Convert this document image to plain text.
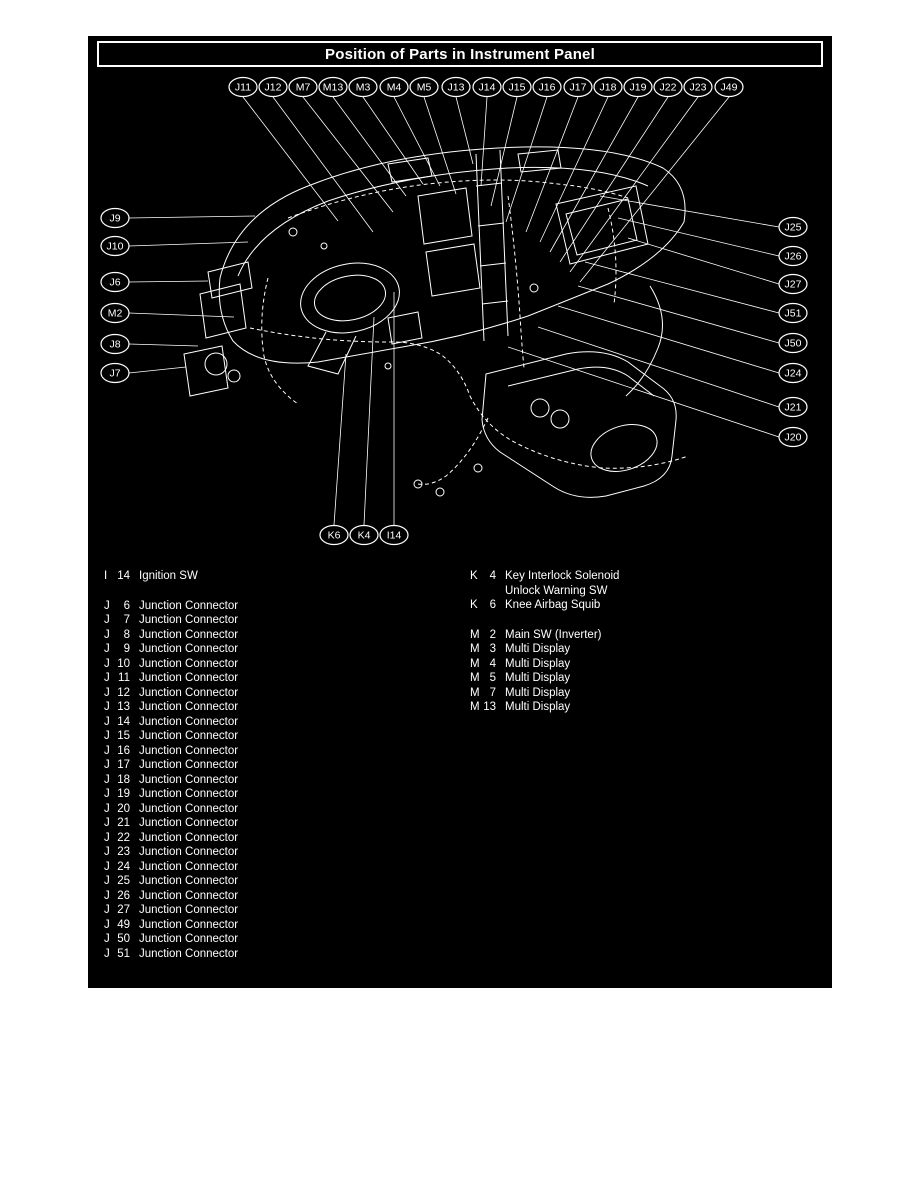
J11 J12 M7 M13 M3 M4 M5 J13 J14 J15 J16 J17 J18 J19 J22 J23 J49
J9
J10
J6
M2
J8
J7
J25
J26
J27
J51
J50
J24
J21
J20
K6 K4 I14
Position of Parts in Instrument Panel
I 14 Ignition SW
J 6 Junction Connector
J 7 Junction Connector
J 8 Junction Connector
J 9 Junction Connector
J 10 Junction Connector
J 11 Junction Connector
J 12 Junction Connector
J 13 Junction Connector
J 14 Junction Connector
J 15 Junction Connector
J 16 Junction Connector
J 17 Junction Connector
J 18 Junction Connector
J 19 Junction Connector
J 20 Junction Connector
J 21 Junction Connector
J 22 Junction Connector
J 23 Junction Connector
J 24 Junction Connector
J 25 Junction Connector
J 26 Junction Connector
J 27 Junction Connector
J 49 Junction Connector
J 50 Junction Connector
J 51 Junction Connector
K 4 Key Interlock Solenoid
Unlock Warning SW
K 6 Knee Airbag Squib
M 2 Main SW (Inverter)
M 3 Multi Display
M 4 Multi Display
M 5 Multi Display
M 7 Multi Display
M 13 Multi Display
